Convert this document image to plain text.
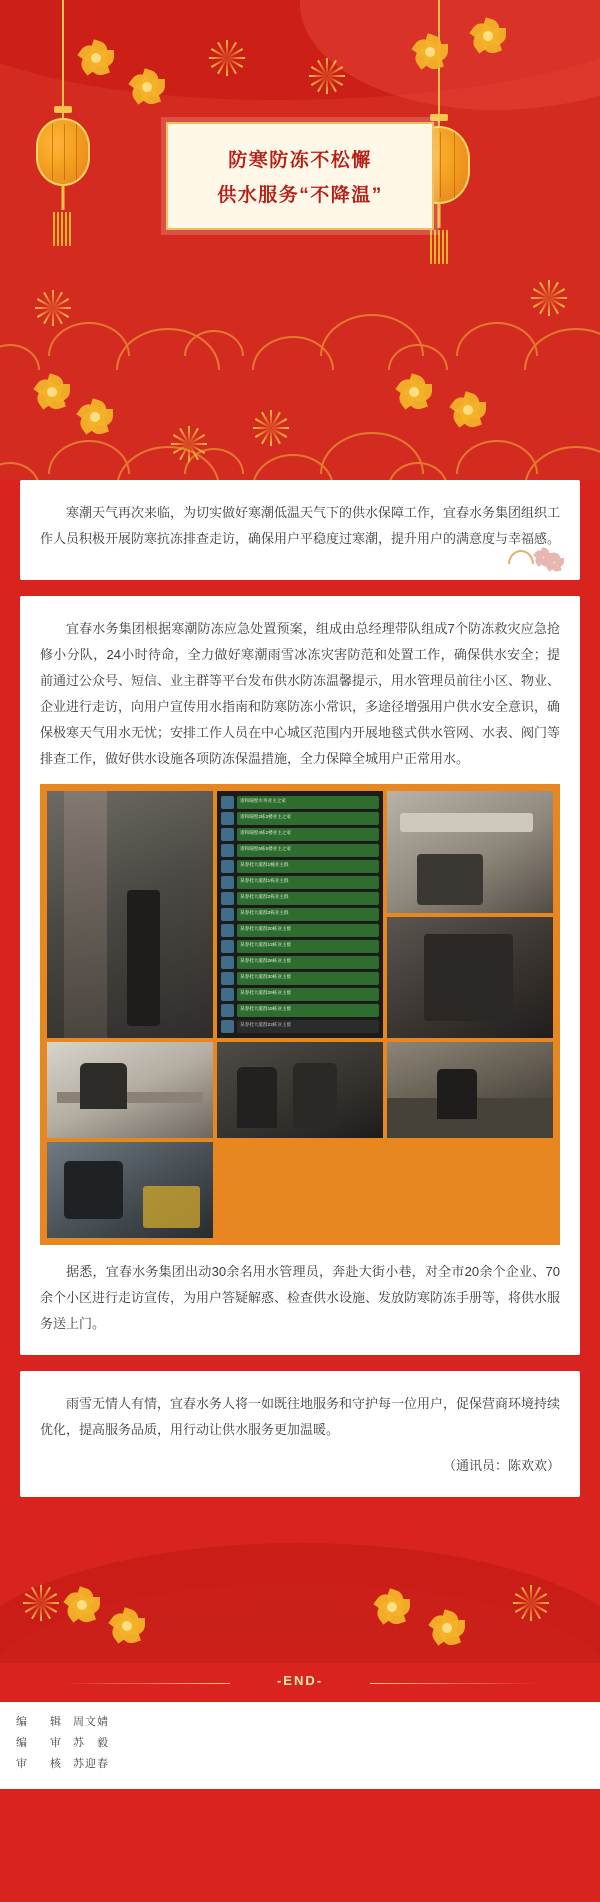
防寒防冻不松懈
供水服务“不降温”

寒潮天气再次来临，为切实做好寒潮低温天气下的供水保障工作，宜春水务集团组织工作人员积极开展防寒抗冻排查走访，确保用户平稳度过寒潮，提升用户的满意度与幸福感。

宜春水务集团根据寒潮防冻应急处置预案，组成由总经理带队组成7个防冻救灾应急抢修小分队，24小时待命，全力做好寒潮雨雪冰冻灾害防范和处置工作，确保供水安全；提前通过公众号、短信、业主群等平台发布供水防冻温馨提示，用水管理员前往小区、物业、企业进行走访，向用户宣传用水指南和防寒防冻小常识，多途径增强用户供水安全意识，确保极寒天气用水无忧；安排工作人员在中心城区范围内开展地毯式供水管网、水表、阀门等排查工作，做好供水设施各项防冻保温措施，全力保障全城用户正常用水。

请和隔壁水务业主之家
请和隔壁2栋3楼业主之家
请和隔壁4栋2楼业主之家
请和隔壁5栋5楼业主之家
某春桂大厦群1幢业主群
某春桂大厦群1栋业主群
某春桂大厦群2栋业主群
某春桂大厦群3栋业主群
某春桂大厦群20栋业主群
某春桂大厦群13栋业主群
某春桂大厦群26栋业主群
某春桂大厦群30栋业主群
某春桂大厦群29栋业主群
某春桂大厦群19栋业主群
某春桂大厦群23栋业主群

据悉，宜春水务集团出动30余名用水管理员，奔赴大街小巷，对全市20余个企业、70余个小区进行走访宣传，为用户答疑解惑、检查供水设施、发放防寒防冻手册等，将供水服务送上门。

雨雪无情人有情，宜春水务人将一如既往地服务和守护每一位用户，促保营商环境持续优化，提高服务品质，用行动让供水服务更加温暖。

（通讯员：陈欢欢）

-END-
编　辑 周文婧
编　审 苏　毅
审　核 苏迎春
